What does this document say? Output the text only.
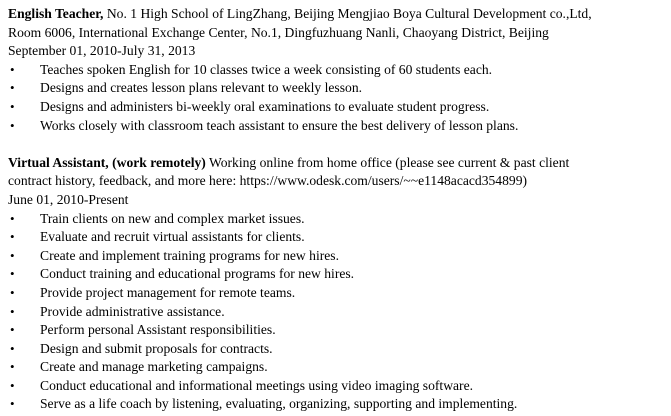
English Teacher, No. 1 High School of LingZhang, Beijing Mengjiao Boya Cultural Development co.,Ltd,

Room 6006, International Exchange Center, No.1, Dingfuzhuang Nanli, Chaoyang District, Beijing

September 01, 2010-July 31, 2013

• Teaches spoken English for 10 classes twice a week consisting of 60 students each.
• Designs and creates lesson plans relevant to weekly lesson.
• Designs and administers bi-weekly oral examinations to evaluate student progress.
• Works closely with classroom teach assistant to ensure the best delivery of lesson plans.

Virtual Assistant, (work remotely) Working online from home office (please see current & past client

contract history, feedback, and more here: https://www.odesk.com/users/~~e1148acacd354899)

June 01, 2010-Present

• Train clients on new and complex market issues.
• Evaluate and recruit virtual assistants for clients.
• Create and implement training programs for new hires.
• Conduct training and educational programs for new hires.
• Provide project management for remote teams.
• Provide administrative assistance.
• Perform personal Assistant responsibilities.
• Design and submit proposals for contracts.
• Create and manage marketing campaigns.
• Conduct educational and informational meetings using video imaging software.
• Serve as a life coach by listening, evaluating, organizing, supporting and implementing.
